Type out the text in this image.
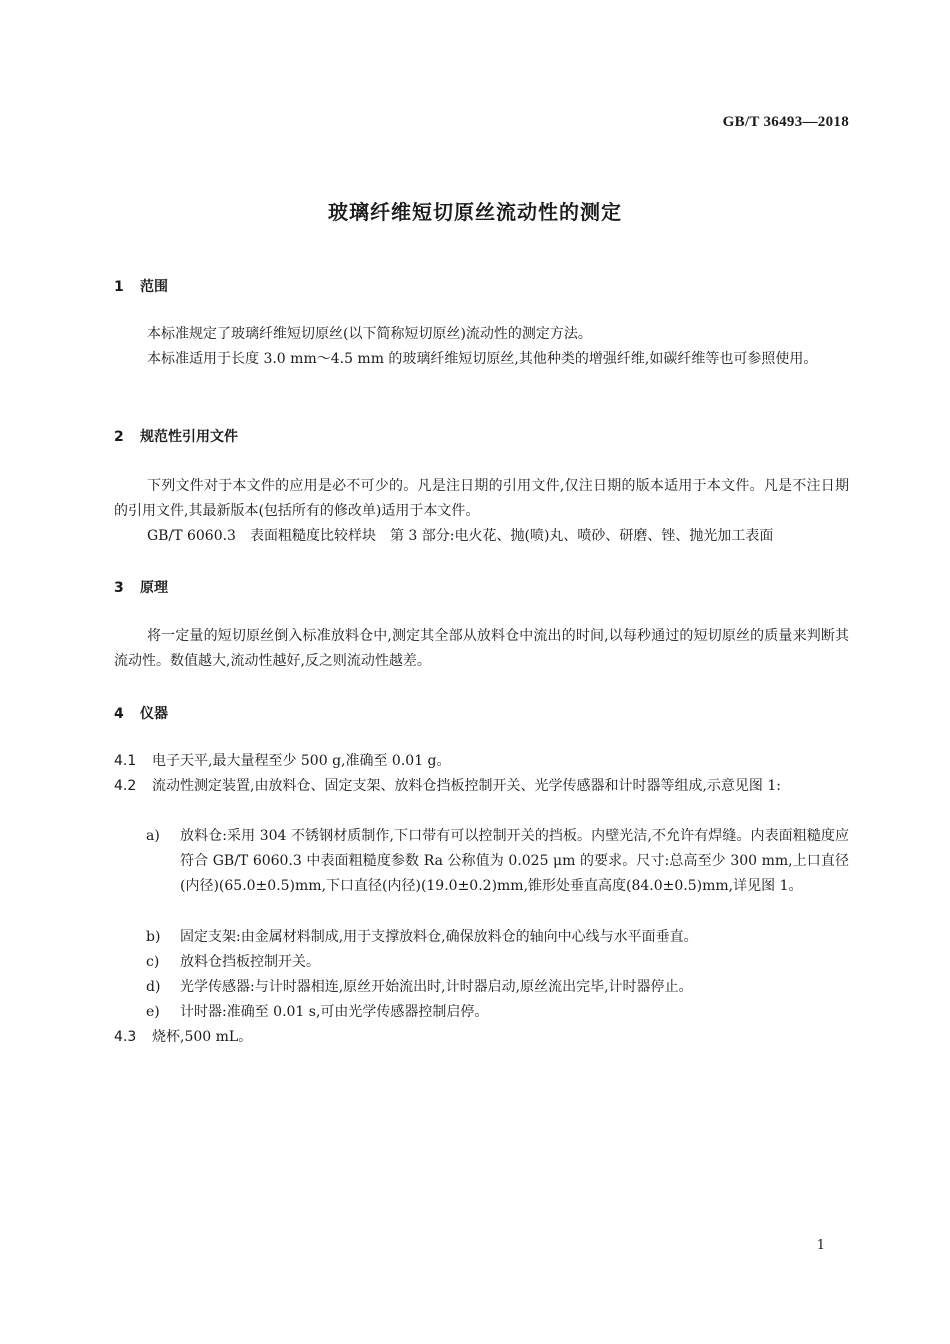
GB/T 36493—2018
玻璃纤维短切原丝流动性的测定
1 范围
本标准规定了玻璃纤维短切原丝(以下简称短切原丝)流动性的测定方法。
本标准适用于长度 3.0 mm～4.5 mm 的玻璃纤维短切原丝,其他种类的增强纤维,如碳纤维等也可参照使用。
2 规范性引用文件
下列文件对于本文件的应用是必不可少的。凡是注日期的引用文件,仅注日期的版本适用于本文件。凡是不注日期的引用文件,其最新版本(包括所有的修改单)适用于本文件。
GB/T 6060.3　表面粗糙度比较样块　第 3 部分:电火花、抛(喷)丸、喷砂、研磨、锉、抛光加工表面
3 原理
将一定量的短切原丝倒入标准放料仓中,测定其全部从放料仓中流出的时间,以每秒通过的短切原丝的质量来判断其流动性。数值越大,流动性越好,反之则流动性越差。
4 仪器
4.1 电子天平,最大量程至少 500 g,准确至 0.01 g。
4.2 流动性测定装置,由放料仓、固定支架、放料仓挡板控制开关、光学传感器和计时器等组成,示意见图 1:
a) 放料仓:采用 304 不锈钢材质制作,下口带有可以控制开关的挡板。内壁光洁,不允许有焊缝。内表面粗糙度应符合 GB/T 6060.3 中表面粗糙度参数 Ra 公称值为 0.025 μm 的要求。尺寸:总高至少 300 mm,上口直径(内径)(65.0±0.5)mm,下口直径(内径)(19.0±0.2)mm,锥形处垂直高度(84.0±0.5)mm,详见图 1。
b) 固定支架:由金属材料制成,用于支撑放料仓,确保放料仓的轴向中心线与水平面垂直。
c) 放料仓挡板控制开关。
d) 光学传感器:与计时器相连,原丝开始流出时,计时器启动,原丝流出完毕,计时器停止。
e) 计时器:准确至 0.01 s,可由光学传感器控制启停。
4.3 烧杯,500 mL。
1
